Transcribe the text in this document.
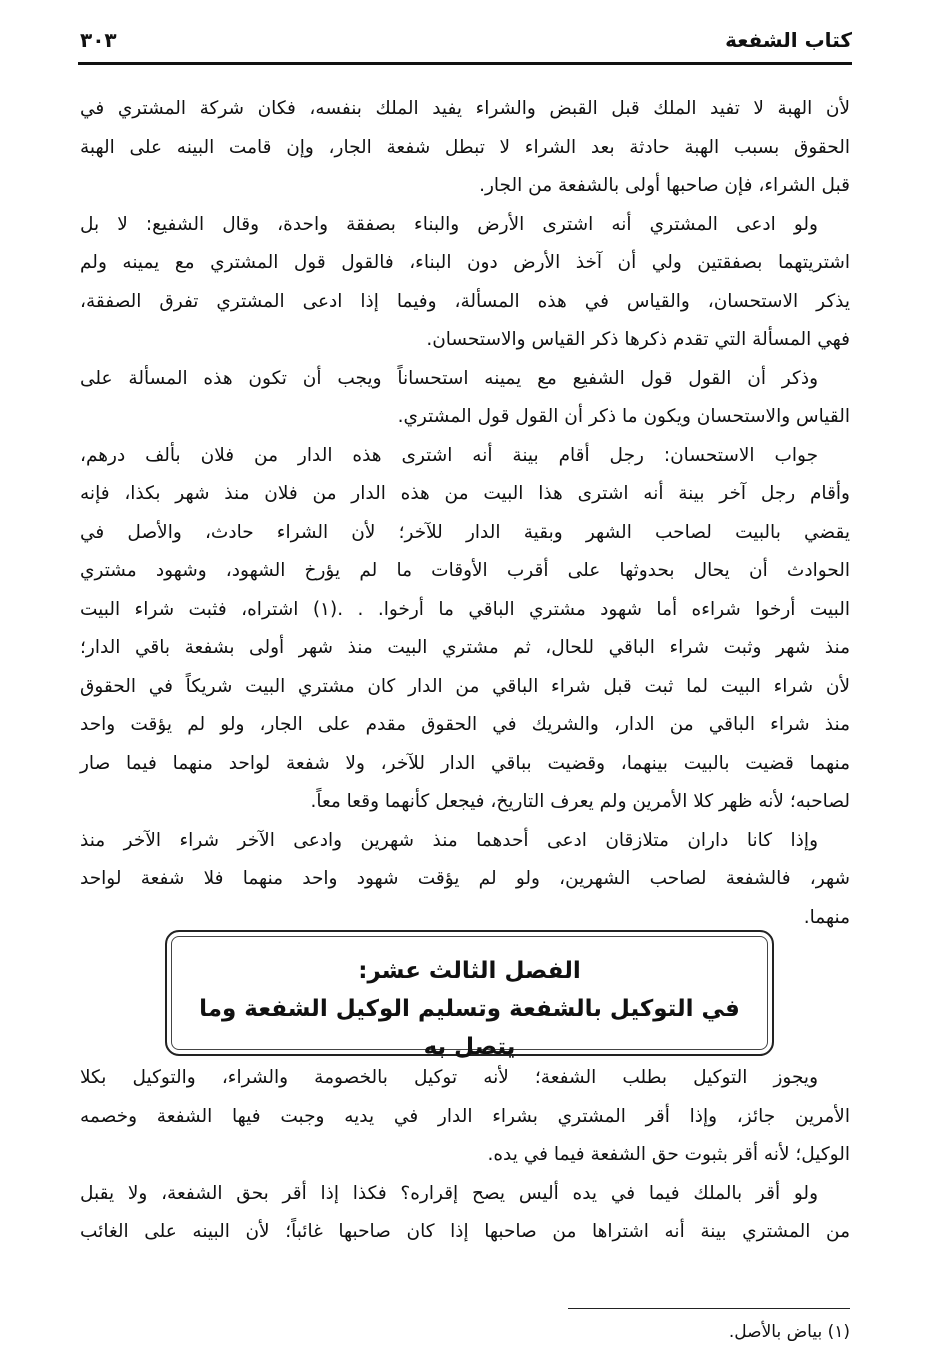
كتاب الشفعة
٣٠٣
لأن الهبة لا تفيد الملك قبل القبض والشراء يفيد الملك بنفسه، فكان شركة المشتري في
الحقوق بسبب الهبة حادثة بعد الشراء لا تبطل شفعة الجار، وإن قامت البينه على الهبة
قبل الشراء، فإن صاحبها أولى بالشفعة من الجار.
ولو ادعى المشتري أنه اشترى الأرض والبناء بصفقة واحدة، وقال الشفيع: لا بل
اشتريتهما بصفقتين ولي أن آخذ الأرض دون البناء، فالقول قول المشتري مع يمينه ولم
يذكر الاستحسان، والقياس في هذه المسألة، وفيما إذا ادعى المشتري تفرق الصفقة،
فهي المسألة التي تقدم ذكرها ذكر القياس والاستحسان.
وذكر أن القول قول الشفيع مع يمينه استحساناً ويجب أن تكون هذه المسألة على
القياس والاستحسان ويكون ما ذكر أن القول قول المشتري.
جواب الاستحسان: رجل أقام بينة أنه اشترى هذه الدار من فلان بألف درهم،
وأقام رجل آخر بينة أنه اشترى هذا البيت من هذه الدار من فلان منذ شهر بكذا، فإنه
يقضي بالبيت لصاحب الشهر وبقية الدار للآخر؛ لأن الشراء حادث، والأصل في
الحوادث أن يحال بحدوثها على أقرب الأوقات ما لم يؤرخ الشهود، وشهود مشتري
البيت أرخوا شراءه أما شهود مشتري الباقي ما أرخوا. . .(١) اشتراه، فثبت شراء البيت
منذ شهر وثبت شراء الباقي للحال، ثم مشتري البيت منذ شهر أولى بشفعة باقي الدار؛
لأن شراء البيت لما ثبت قبل شراء الباقي من الدار كان مشتري البيت شريكاً في الحقوق
منذ شراء الباقي من الدار، والشريك في الحقوق مقدم على الجار، ولو لم يؤقت واحد
منهما قضيت بالبيت بينهما، وقضيت بباقي الدار للآخر، ولا شفعة لواحد منهما فيما صار
لصاحبه؛ لأنه ظهر كلا الأمرين ولم يعرف التاريخ، فيجعل كأنهما وقعا معاً.
وإذا كانا داران متلازقان ادعى أحدهما منذ شهرين وادعى الآخر شراء الآخر منذ
شهر، فالشفعة لصاحب الشهرين، ولو لم يؤقت شهود واحد منهما فلا شفعة لواحد
منهما.
الفصل الثالث عشر:
في التوكيل بالشفعة وتسليم الوكيل الشفعة وما يتصل به
ويجوز التوكيل بطلب الشفعة؛ لأنه توكيل بالخصومة والشراء، والتوكيل بكلا
الأمرين جائز، وإذا أقر المشتري بشراء الدار في يديه وجبت فيها الشفعة وخصمه
الوكيل؛ لأنه أقر بثبوت حق الشفعة فيما في يده.
ولو أقر بالملك فيما في يده أليس يصح إقراره؟ فكذا إذا أقر بحق الشفعة، ولا يقبل
من المشتري بينة أنه اشتراها من صاحبها إذا كان صاحبها غائباً؛ لأن البينه على الغائب
(١) بياض بالأصل.
